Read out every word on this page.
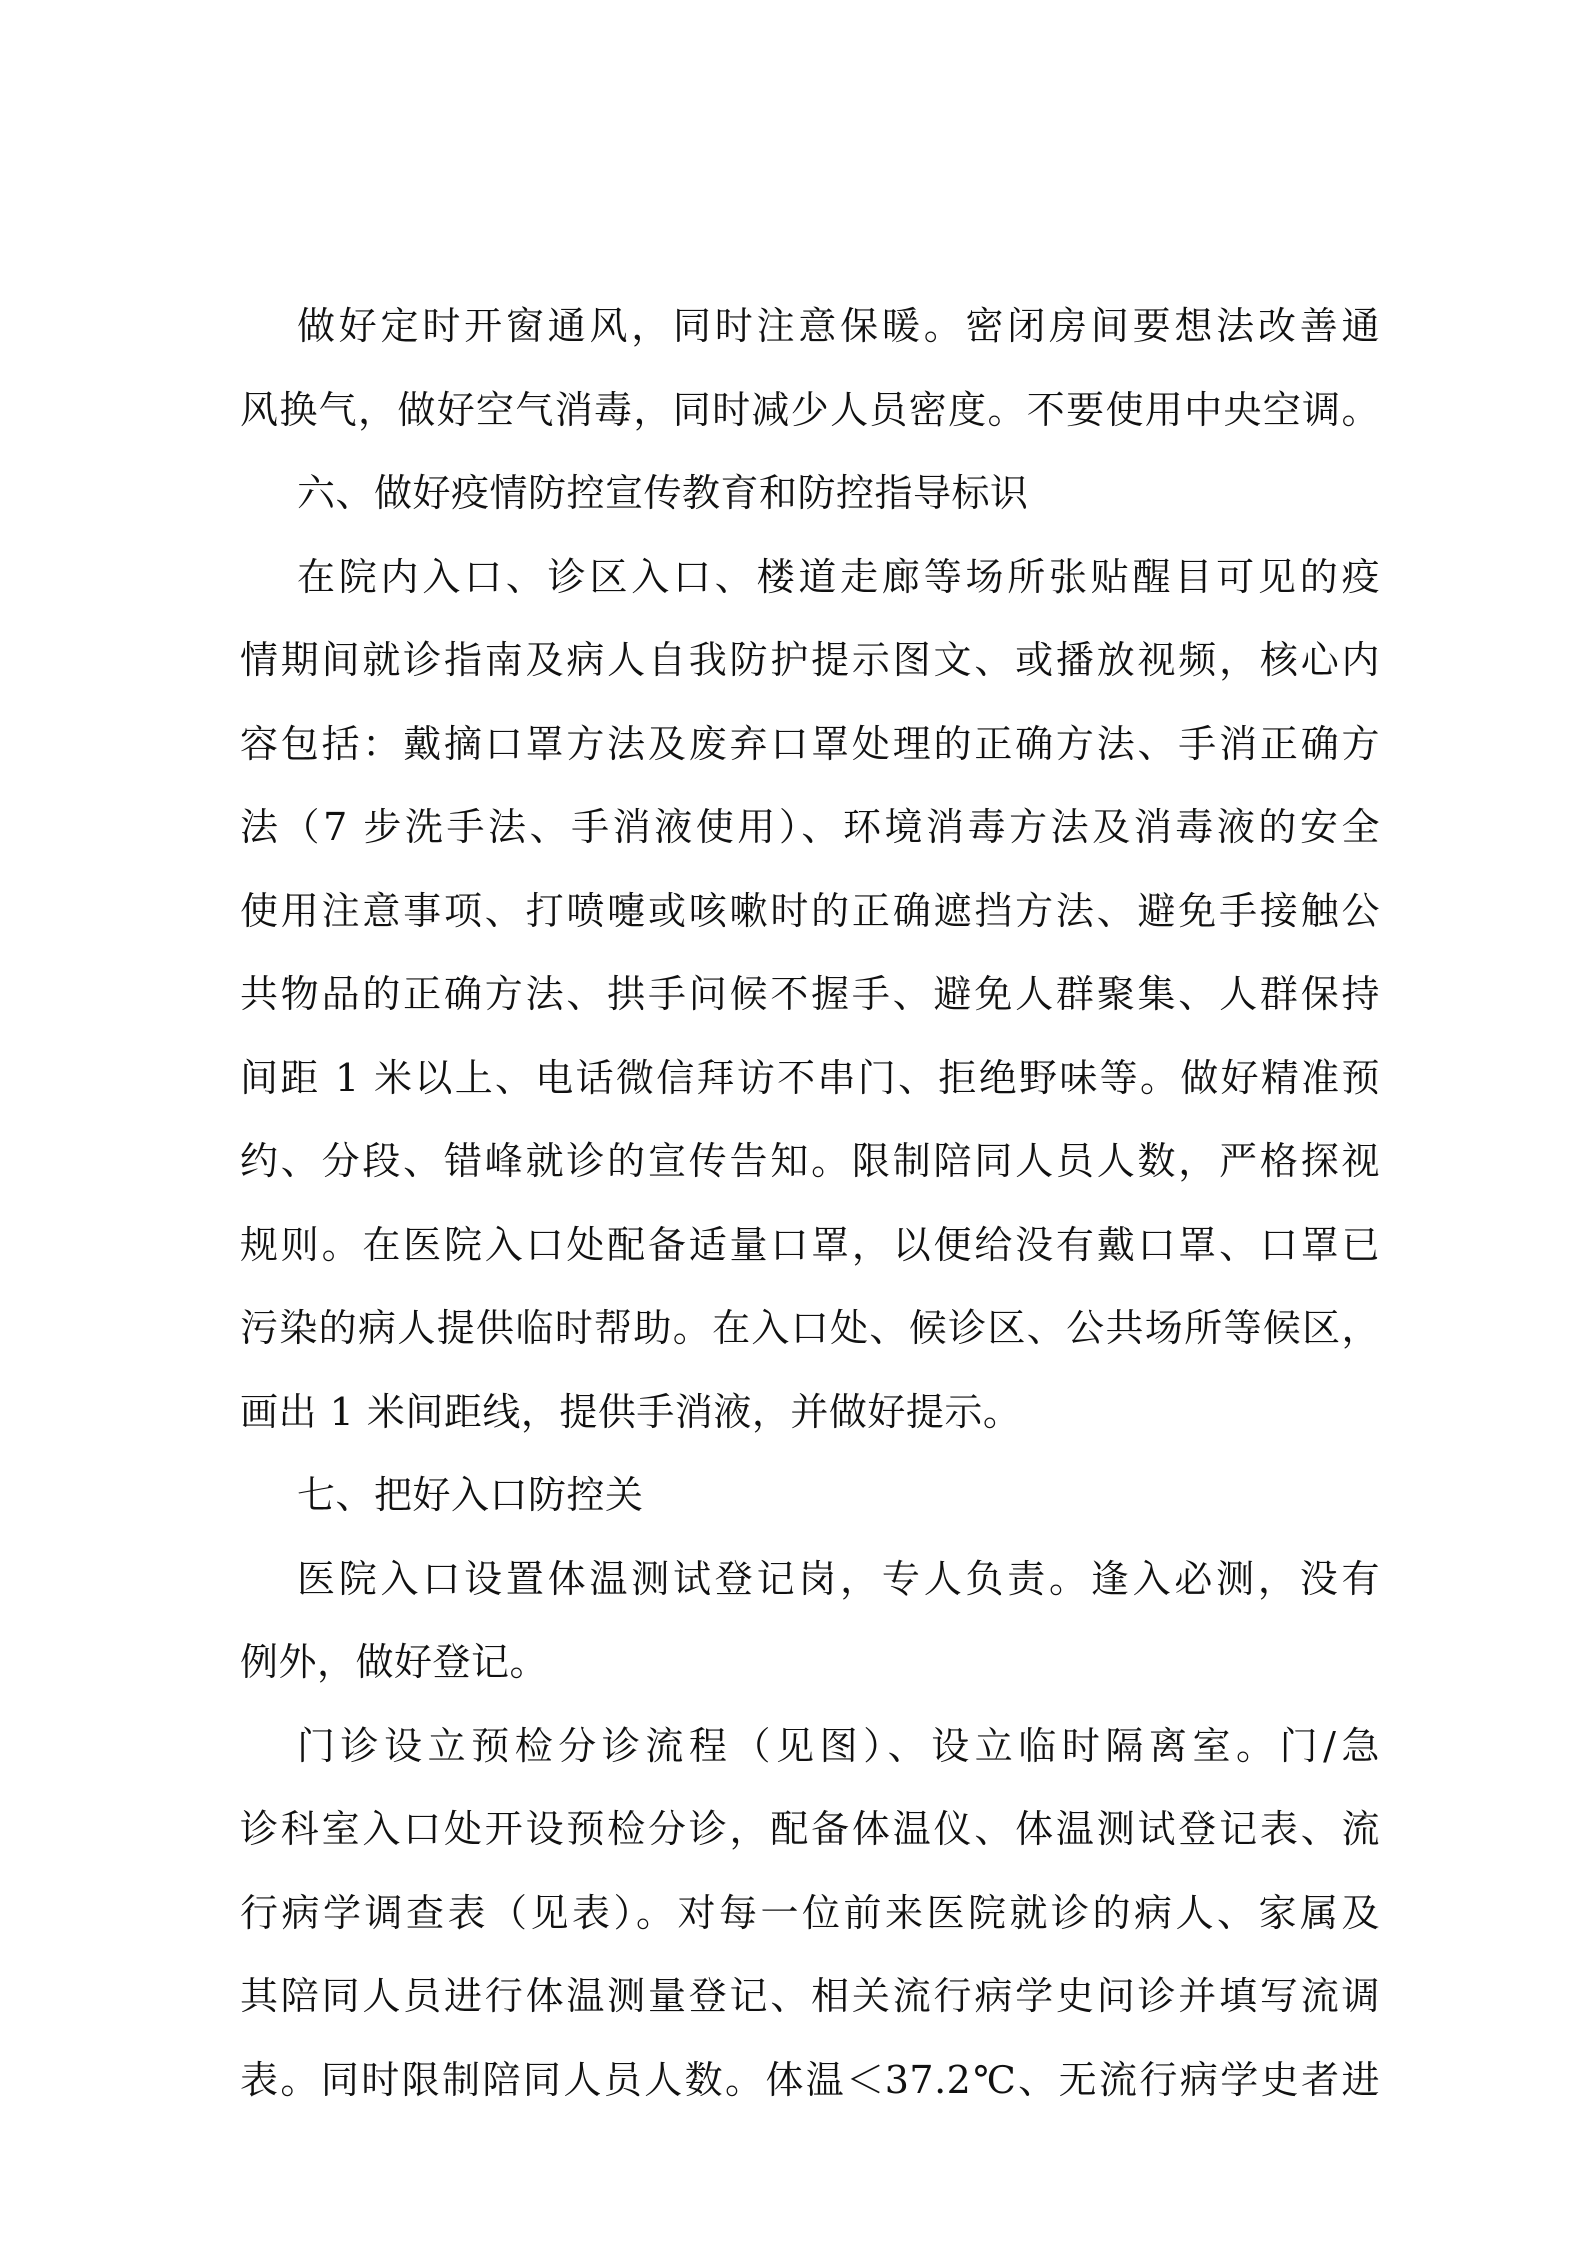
做好定时开窗通风，同时注意保暖。密闭房间要想法改善通
风换气，做好空气消毒，同时减少人员密度。不要使用中央空调。
六、做好疫情防控宣传教育和防控指导标识
在院内入口、诊区入口、楼道走廊等场所张贴醒目可见的疫
情期间就诊指南及病人自我防护提示图文、或播放视频，核心内
容包括：戴摘口罩方法及废弃口罩处理的正确方法、手消正确方
法（7 步洗手法、手消液使用）、环境消毒方法及消毒液的安全
使用注意事项、打喷嚏或咳嗽时的正确遮挡方法、避免手接触公
共物品的正确方法、拱手问候不握手、避免人群聚集、人群保持
间距 1 米以上、电话微信拜访不串门、拒绝野味等。做好精准预
约、分段、错峰就诊的宣传告知。限制陪同人员人数，严格探视
规则。在医院入口处配备适量口罩，以便给没有戴口罩、口罩已
污染的病人提供临时帮助。在入口处、候诊区、公共场所等候区，
画出 1 米间距线，提供手消液，并做好提示。
七、把好入口防控关
医院入口设置体温测试登记岗，专人负责。逢入必测，没有
例外，做好登记。
门诊设立预检分诊流程（见图）、设立临时隔离室。门/急
诊科室入口处开设预检分诊，配备体温仪、体温测试登记表、流
行病学调查表（见表）。对每一位前来医院就诊的病人、家属及
其陪同人员进行体温测量登记、相关流行病学史问诊并填写流调
表。同时限制陪同人员人数。体温＜37.2℃、无流行病学史者进
